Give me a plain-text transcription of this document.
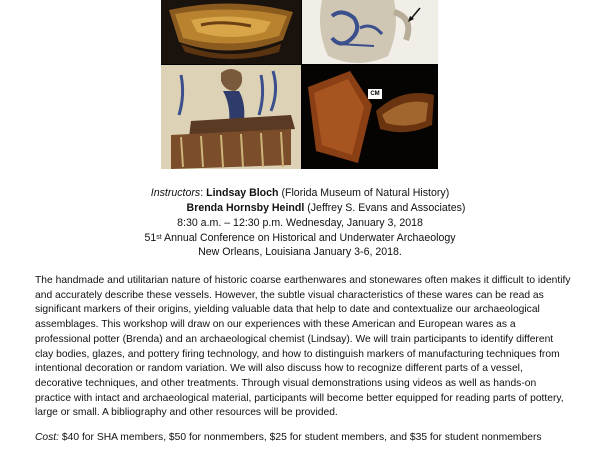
CM
Instructors: Lindsay Bloch (Florida Museum of Natural History)
Brenda Hornsby Heindl (Jeffrey S. Evans and Associates)
8:30 a.m. – 12:30 p.m. Wednesday, January 3, 2018
51st Annual Conference on Historical and Underwater Archaeology
New Orleans, Louisiana January 3-6, 2018.

The handmade and utilitarian nature of historic coarse earthenwares and stonewares often makes it difficult to identify and accurately describe these vessels. However, the subtle visual characteristics of these wares can be read as significant markers of their origins, yielding valuable data that help to date and contextualize our archaeological assemblages. This workshop will draw on our experiences with these American and European wares as a professional potter (Brenda) and an archaeological chemist (Lindsay). We will train participants to identify different clay bodies, glazes, and pottery firing technology, and how to distinguish markers of manufacturing techniques from intentional decoration or random variation. We will also discuss how to recognize different parts of a vessel, decorative techniques, and other treatments. Through visual demonstrations using videos as well as hands-on practice with intact and archaeological material, participants will become better equipped for reading parts of pottery, large or small. A bibliography and other resources will be provided.

Cost: $40 for SHA members, $50 for nonmembers, $25 for student members, and $35 for student nonmembers
